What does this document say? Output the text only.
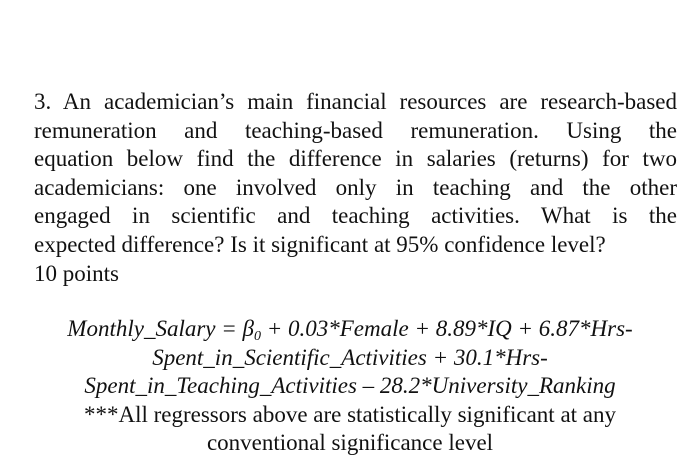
3. An academician’s main financial resources are research-based
remuneration and teaching-based remuneration. Using the
equation below find the difference in salaries (returns) for two
academicians: one involved only in teaching and the other
engaged in scientific and teaching activities. What is the
expected difference? Is it significant at 95% confidence level?
10 points
Monthly_Salary = $\beta_0$ + 0.03*Female + 8.89*IQ + 6.87*Hrs-
Spent_in_Scientific_Activities + 30.1*Hrs-
Spent_in_Teaching_Activities – 28.2*University_Ranking
***All regressors above are statistically significant at any
conventional significance level
